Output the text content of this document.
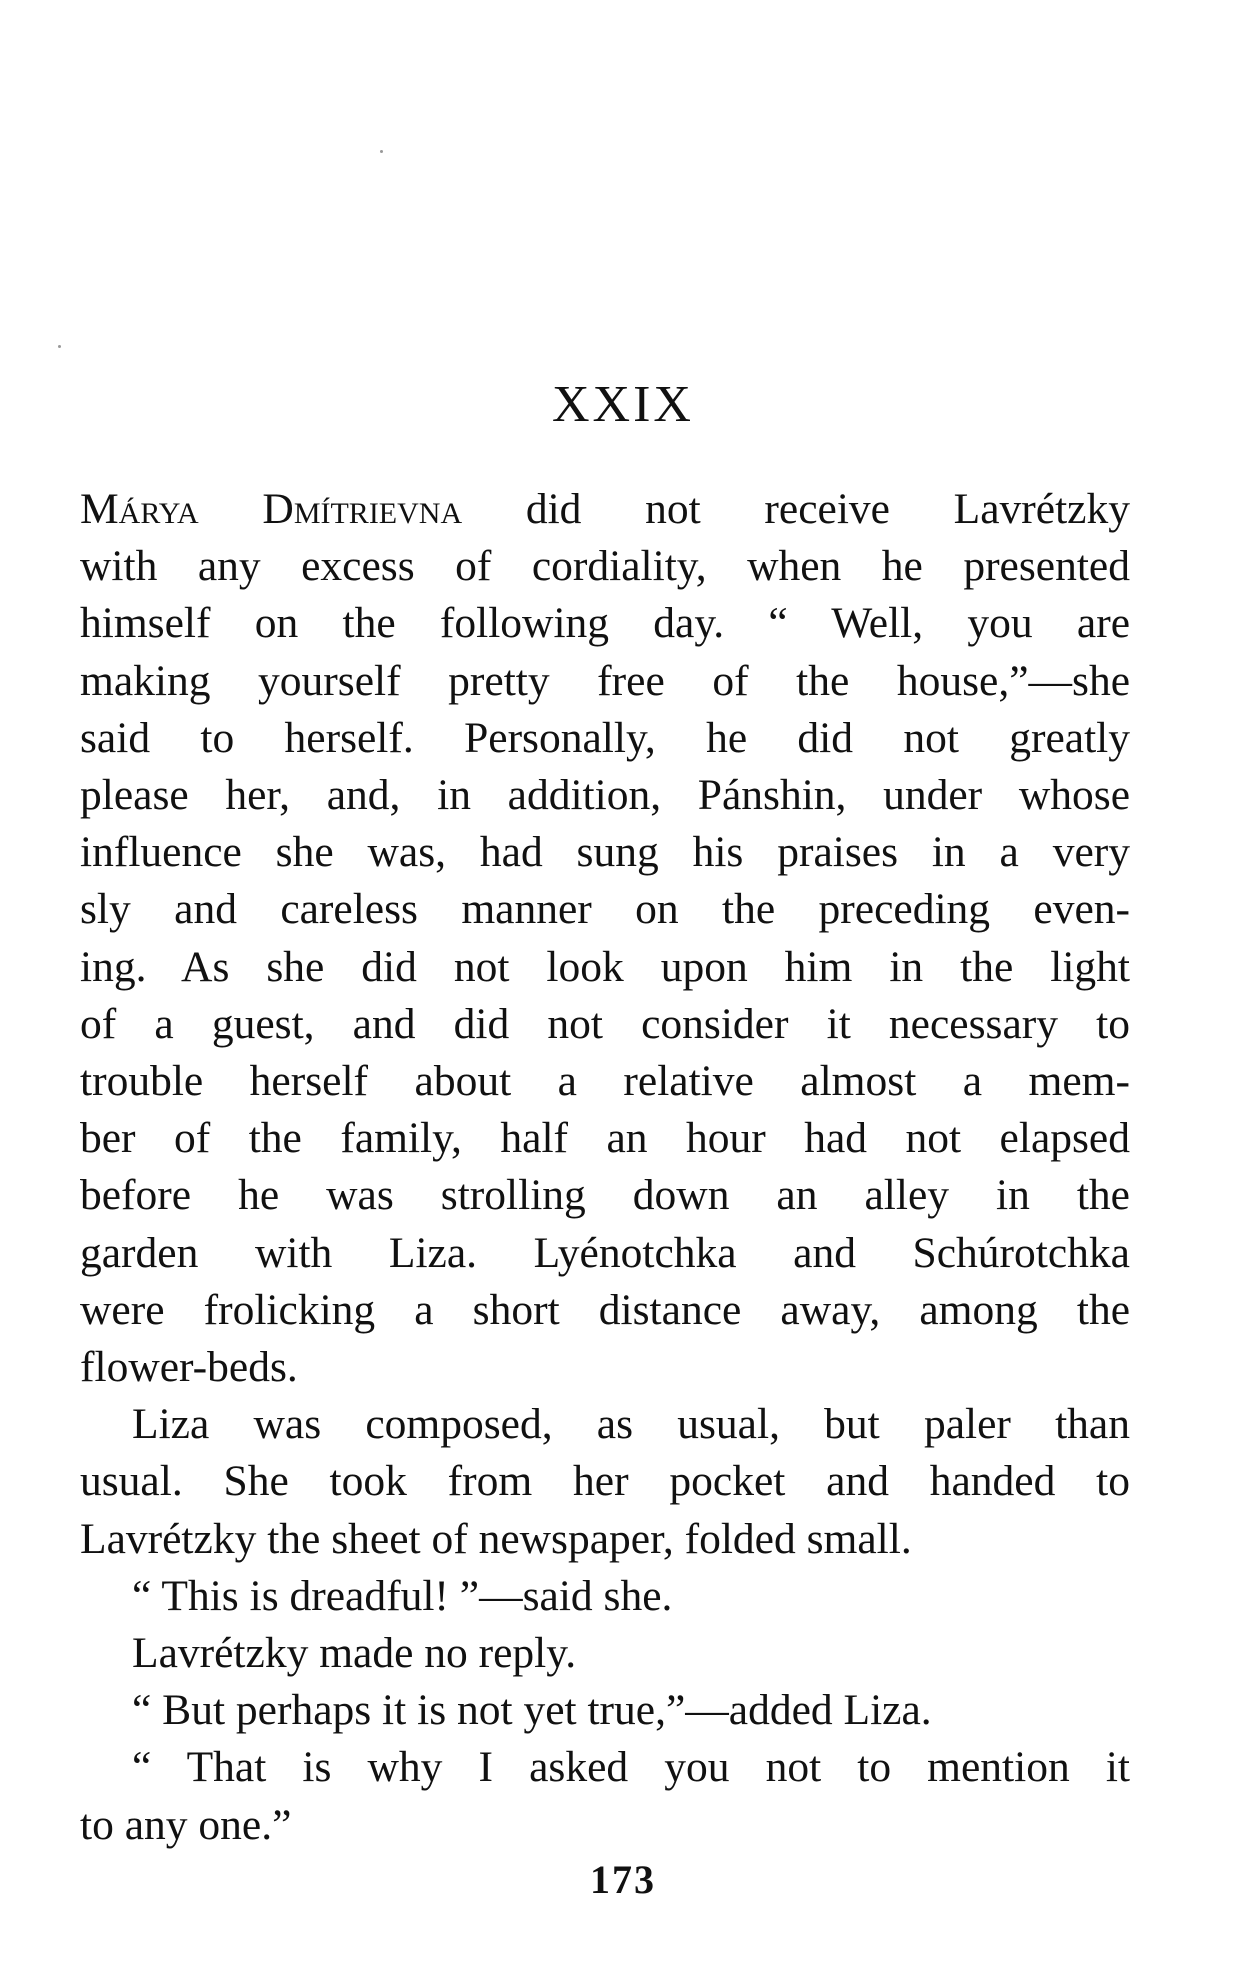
XXIX
Márya Dmítrievna did not receive Lavrétzky
with any excess of cordiality, when he presented
himself on the following day. “ Well, you are
making yourself pretty free of the house,”—she
said to herself. Personally, he did not greatly
please her, and, in addition, Pánshin, under whose
influence she was, had sung his praises in a very
sly and careless manner on the preceding even-
ing. As she did not look upon him in the light
of a guest, and did not consider it necessary to
trouble herself about a relative almost a mem-
ber of the family, half an hour had not elapsed
before he was strolling down an alley in the
garden with Liza. Lyénotchka and Schúrotchka
were frolicking a short distance away, among the
flower-beds.
Liza was composed, as usual, but paler than
usual. She took from her pocket and handed to
Lavrétzky the sheet of newspaper, folded small.
“ This is dreadful! ”—said she.
Lavrétzky made no reply.
“ But perhaps it is not yet true,”—added Liza.
“ That is why I asked you not to mention it
to any one.”
173
